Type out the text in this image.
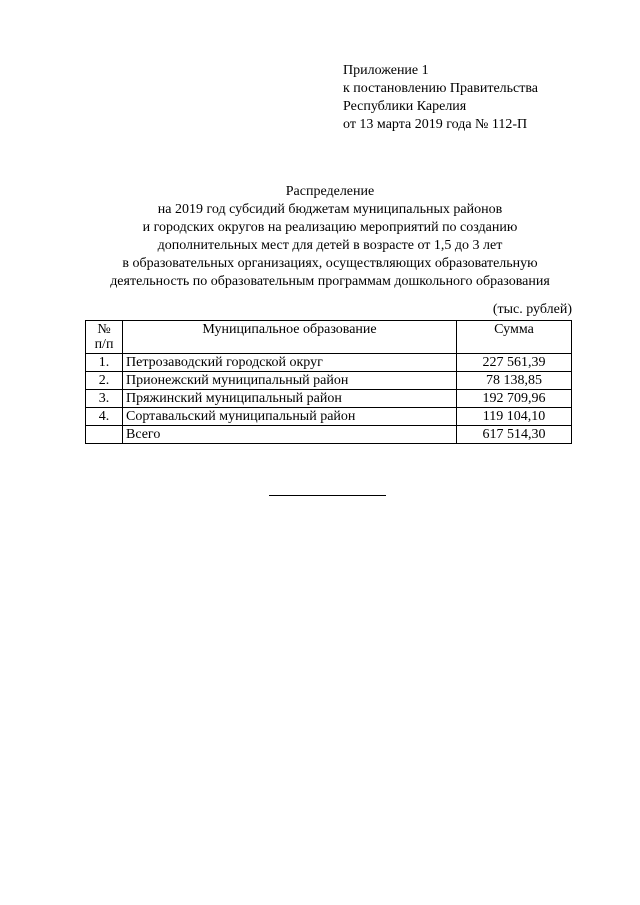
Приложение 1
к постановлению Правительства
Республики Карелия
от 13 марта 2019 года № 112-П
Распределение
на 2019 год субсидий бюджетам муниципальных районов
и городских округов на реализацию мероприятий по созданию
дополнительных мест для детей в возрасте от 1,5 до 3 лет
в образовательных организациях, осуществляющих образовательную
деятельность по образовательным программам дошкольного образования
(тыс. рублей)
№
п/п	Муниципальное образование	Сумма
1.	Петрозаводский городской округ	227 561,39
2.	Прионежский муниципальный район	78 138,85
3.	Пряжинский муниципальный район	192 709,96
4.	Сортавальский муниципальный район	119 104,10
	Всего	617 514,30
